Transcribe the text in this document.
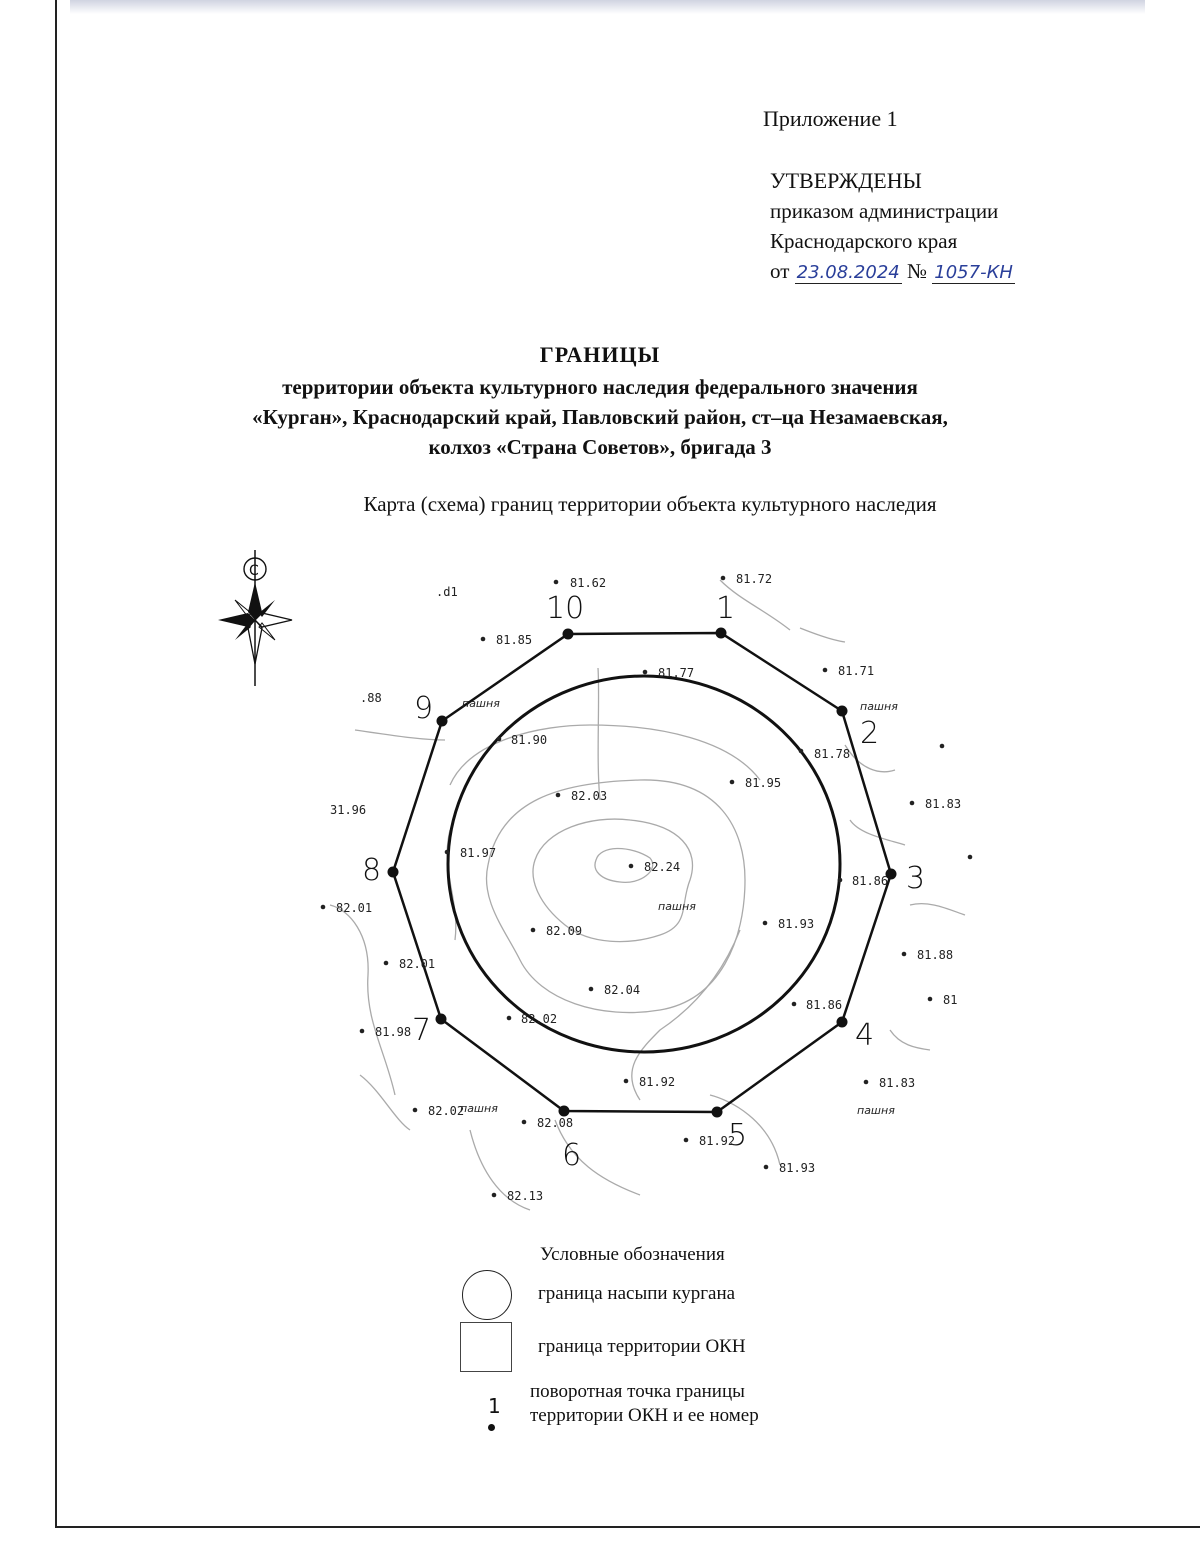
Приложение 1
УТВЕРЖДЕНЫ
приказом администрации
Краснодарского края
от 23.08.2024 № 1057-КН
ГРАНИЦЫ
территории объекта культурного наследия федерального значения
«Курган», Краснодарский край, Павловский район, ст–ца Незамаевская,
колхоз «Страна Советов», бригада 3
Карта (схема) границ территории объекта культурного наследия
1
2
3
4
5
6
7
8
9
10
81.62	81.72
.d1
81.85
81.71
81.77
.88
81.90
81.78
81.95
82.03
81.83
31.96
81.97
82.24
81.86
82.01
82.09	81.93
82.01
81.88
82.04
81
81.86
81.98
82.02
81.92	81.83
82.02
82.08
81.92
81.93
82.13
пашня	пашня
пашня
пашня	пашня
С
Условные обозначения
граница насыпи кургана
граница территории ОКН
1
поворотная точка границы
территории ОКН и ее номер
